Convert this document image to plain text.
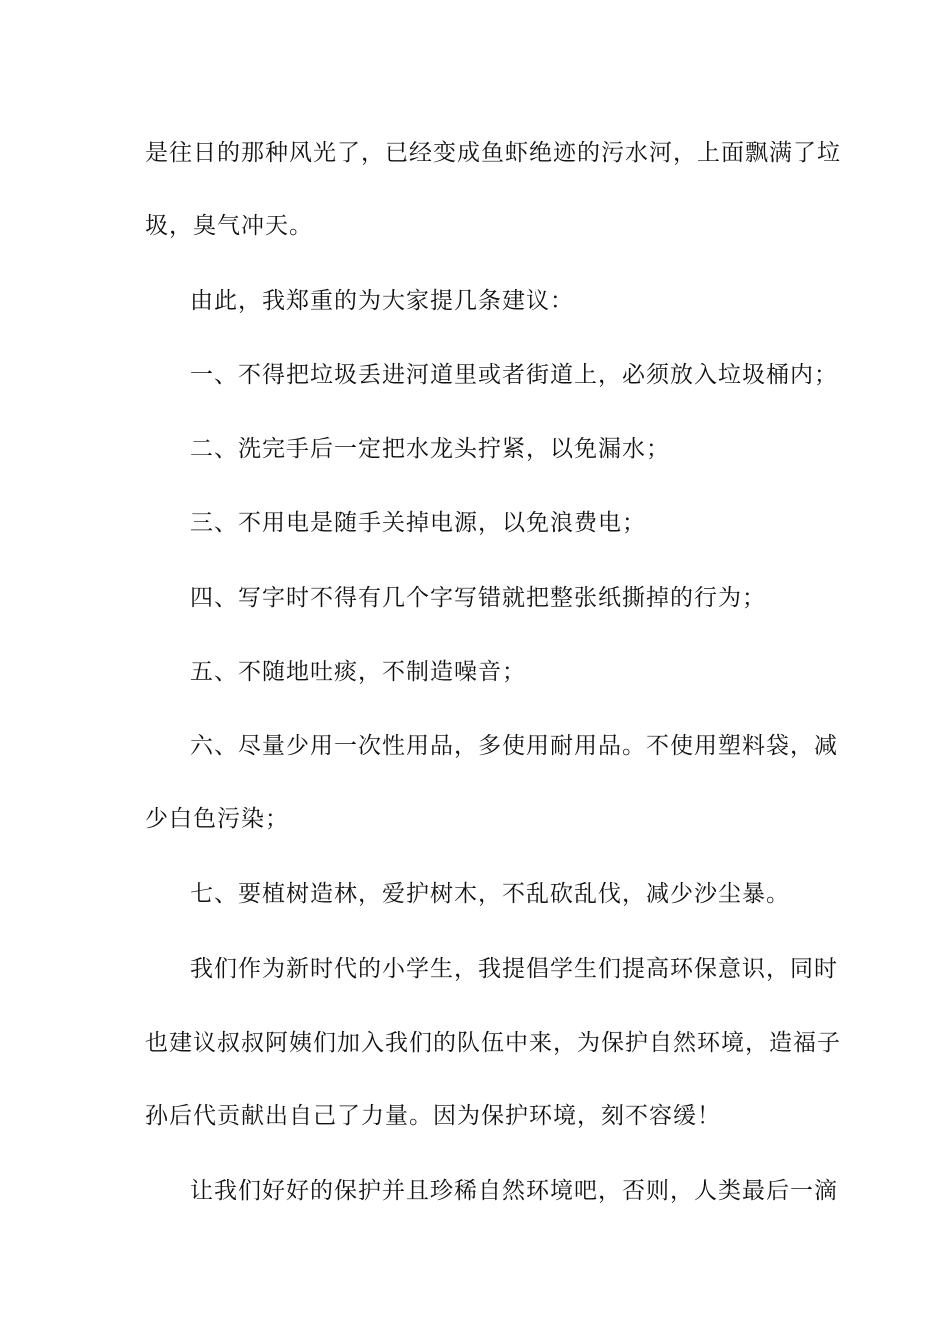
是往日的那种风光了，已经变成鱼虾绝迹的污水河，上面飘满了垃
圾，臭气冲天。
由此，我郑重的为大家提几条建议：
一、不得把垃圾丢进河道里或者街道上，必须放入垃圾桶内；
二、洗完手后一定把水龙头拧紧，以免漏水；
三、不用电是随手关掉电源，以免浪费电；
四、写字时不得有几个字写错就把整张纸撕掉的行为；
五、不随地吐痰，不制造噪音；
六、尽量少用一次性用品，多使用耐用品。不使用塑料袋，减
少白色污染；
七、要植树造林，爱护树木，不乱砍乱伐，减少沙尘暴。
我们作为新时代的小学生，我提倡学生们提高环保意识，同时
也建议叔叔阿姨们加入我们的队伍中来，为保护自然环境，造福子
孙后代贡献出自己了力量。因为保护环境，刻不容缓！
让我们好好的保护并且珍稀自然环境吧，否则，人类最后一滴
